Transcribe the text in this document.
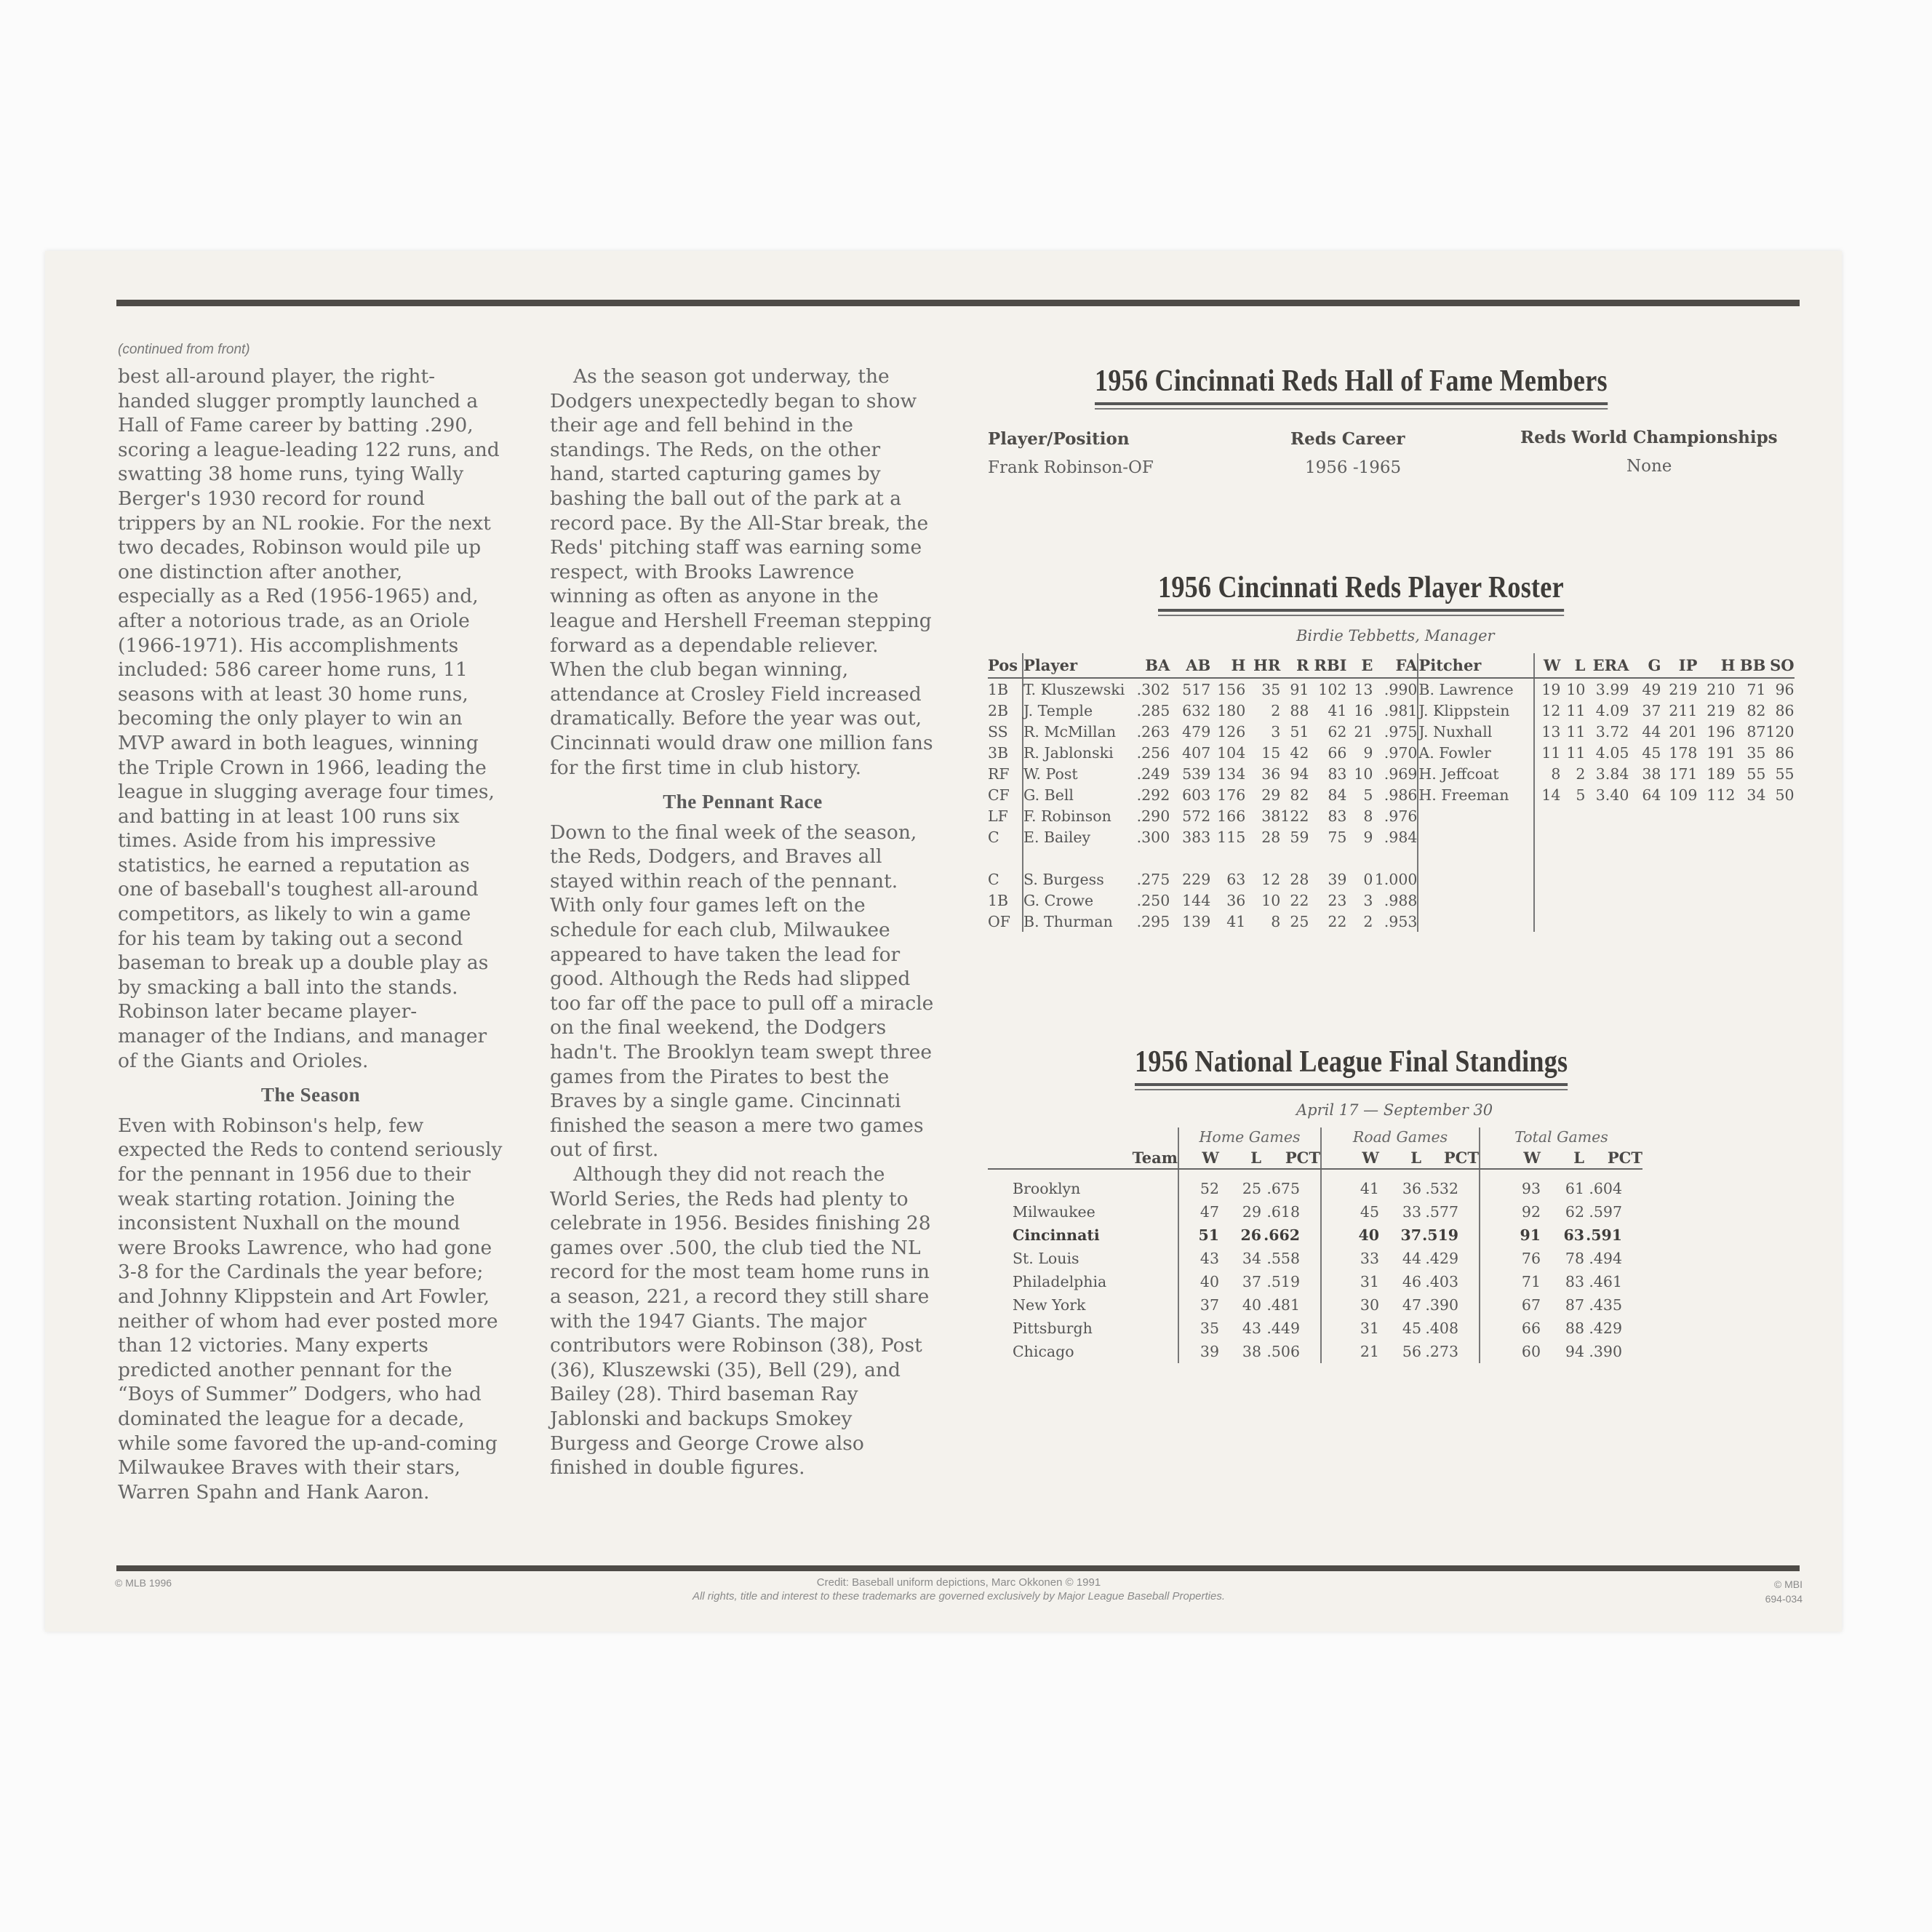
(continued from front)

best all-around player, the right-handed slugger promptly launched a Hall of Fame career by batting .290, scoring a league-leading 122 runs, and swatting 38 home runs, tying Wally Berger's 1930 record for round trippers by an NL rookie. For the next two decades, Robinson would pile up one distinction after another, especially as a Red (1956-1965) and, after a notorious trade, as an Oriole (1966-1971). His accomplishments included: 586 career home runs, 11 seasons with at least 30 home runs, becoming the only player to win an MVP award in both leagues, winning the Triple Crown in 1966, leading the league in slugging average four times, and batting in at least 100 runs six times. Aside from his impressive statistics, he earned a reputation as one of baseball's toughest all-around competitors, as likely to win a game for his team by taking out a second baseman to break up a double play as by smacking a ball into the stands. Robinson later became player-manager of the Indians, and manager of the Giants and Orioles.

The Season

Even with Robinson's help, few expected the Reds to contend seriously for the pennant in 1956 due to their weak starting rotation. Joining the inconsistent Nuxhall on the mound were Brooks Lawrence, who had gone 3-8 for the Cardinals the year before; and Johnny Klippstein and Art Fowler, neither of whom had ever posted more than 12 victories. Many experts predicted another pennant for the “Boys of Summer” Dodgers, who had dominated the league for a decade, while some favored the up-and-coming Milwaukee Braves with their stars, Warren Spahn and Hank Aaron.

As the season got underway, the Dodgers unexpectedly began to show their age and fell behind in the standings. The Reds, on the other hand, started capturing games by bashing the ball out of the park at a record pace. By the All-Star break, the Reds' pitching staff was earning some respect, with Brooks Lawrence winning as often as anyone in the league and Hershell Freeman stepping forward as a dependable reliever. When the club began winning, attendance at Crosley Field increased dramatically. Before the year was out, Cincinnati would draw one million fans for the first time in club history.

The Pennant Race

Down to the final week of the season, the Reds, Dodgers, and Braves all stayed within reach of the pennant. With only four games left on the schedule for each club, Milwaukee appeared to have taken the lead for good. Although the Reds had slipped too far off the pace to pull off a miracle on the final weekend, the Dodgers hadn't. The Brooklyn team swept three games from the Pirates to best the Braves by a single game. Cincinnati finished the season a mere two games out of first.

Although they did not reach the World Series, the Reds had plenty to celebrate in 1956. Besides finishing 28 games over .500, the club tied the NL record for the most team home runs in a season, 221, a record they still share with the 1947 Giants. The major contributors were Robinson (38), Post (36), Kluszewski (35), Bell (29), and Bailey (28). Third baseman Ray Jablonski and backups Smokey Burgess and George Crowe also finished in double figures.

1956 Cincinnati Reds Hall of Fame Members
Player/Position	Reds Career	Reds World Championships
Frank Robinson-OF	1956 -1965	None
1956 Cincinnati Reds Player Roster
Birdie Tebbetts, Manager
Pos	Player	BA	AB	H	HR	R	RBI	E	FA	Pitcher	W	L	ERA	G	IP	H	BB	SO
1B	T. Kluszewski	.302	517	156	35	91	102	13	.990	B. Lawrence	19	10	3.99	49	219	210	71	96
2B	J. Temple	.285	632	180	2	88	41	16	.981	J. Klippstein	12	11	4.09	37	211	219	82	86
SS	R. McMillan	.263	479	126	3	51	62	21	.975	J. Nuxhall	13	11	3.72	44	201	196	87	120
3B	R. Jablonski	.256	407	104	15	42	66	9	.970	A. Fowler	11	11	4.05	45	178	191	35	86
RF	W. Post	.249	539	134	36	94	83	10	.969	H. Jeffcoat	8	2	3.84	38	171	189	55	55
CF	G. Bell	.292	603	176	29	82	84	5	.986	H. Freeman	14	5	3.40	64	109	112	34	50
LF	F. Robinson	.290	572	166	38	122	83	8	.976									
C	E. Bailey	.300	383	115	28	59	75	9	.984									

C	S. Burgess	.275	229	63	12	28	39	0	1.000									
1B	G. Crowe	.250	144	36	10	22	23	3	.988									
OF	B. Thurman	.295	139	41	8	25	22	2	.953									
1956 National League Final Standings
April 17 — September 30
	Home Games			Road Games			Total Games		
Team	W	L	PCT	W	L	PCT	W	L	PCT
Brooklyn	52	25	.675	41	36	.532	93	61	.604
Milwaukee	47	29	.618	45	33	.577	92	62	.597
Cincinnati	51	26	.662	40	37	.519	91	63	.591
St. Louis	43	34	.558	33	44	.429	76	78	.494
Philadelphia	40	37	.519	31	46	.403	71	83	.461
New York	37	40	.481	30	47	.390	67	87	.435
Pittsburgh	35	43	.449	31	45	.408	66	88	.429
Chicago	39	38	.506	21	56	.273	60	94	.390
© MLB 1996	Credit: Baseball uniform depictions, Marc Okkonen © 1991
All rights, title and interest to these trademarks are governed exclusively by Major League Baseball Properties.
© MBI
694-034
